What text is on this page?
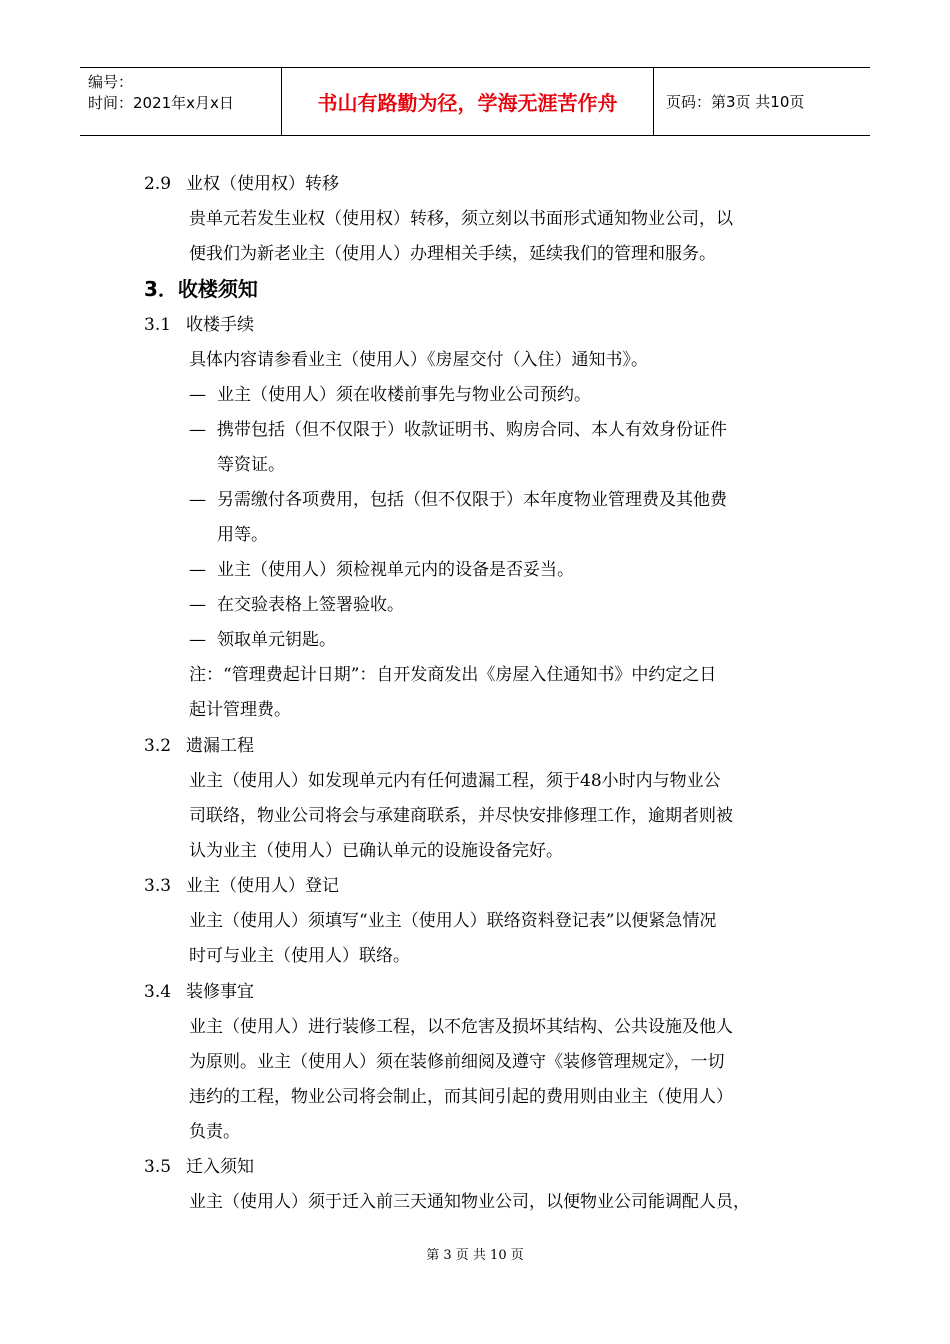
编号：
时间：2021年x月x日	书山有路勤为径，学海无涯苦作舟	页码：第3页 共10页
2.9 业权（使用权）转移
贵单元若发生业权（使用权）转移，须立刻以书面形式通知物业公司，以
便我们为新老业主（使用人）办理相关手续，延续我们的管理和服务。
3．收楼须知
3.1 收楼手续
具体内容请参看业主（使用人）《房屋交付（入住）通知书》。
— 业主（使用人）须在收楼前事先与物业公司预约。
— 携带包括（但不仅限于）收款证明书、购房合同、本人有效身份证件
等资证。
— 另需缴付各项费用，包括（但不仅限于）本年度物业管理费及其他费
用等。
— 业主（使用人）须检视单元内的设备是否妥当。
— 在交验表格上签署验收。
— 领取单元钥匙。
注：“管理费起计日期”：自开发商发出《房屋入住通知书》中约定之日
起计管理费。
3.2 遗漏工程
业主（使用人）如发现单元内有任何遗漏工程，须于48小时内与物业公
司联络，物业公司将会与承建商联系，并尽快安排修理工作，逾期者则被
认为业主（使用人）已确认单元的设施设备完好。
3.3 业主（使用人）登记
业主（使用人）须填写“业主（使用人）联络资料登记表”以便紧急情况
时可与业主（使用人）联络。
3.4 装修事宜
业主（使用人）进行装修工程，以不危害及损坏其结构、公共设施及他人
为原则。业主（使用人）须在装修前细阅及遵守《装修管理规定》，一切
违约的工程，物业公司将会制止，而其间引起的费用则由业主（使用人）
负责。
3.5 迁入须知
业主（使用人）须于迁入前三天通知物业公司，以便物业公司能调配人员，
第 3 页 共 10 页
